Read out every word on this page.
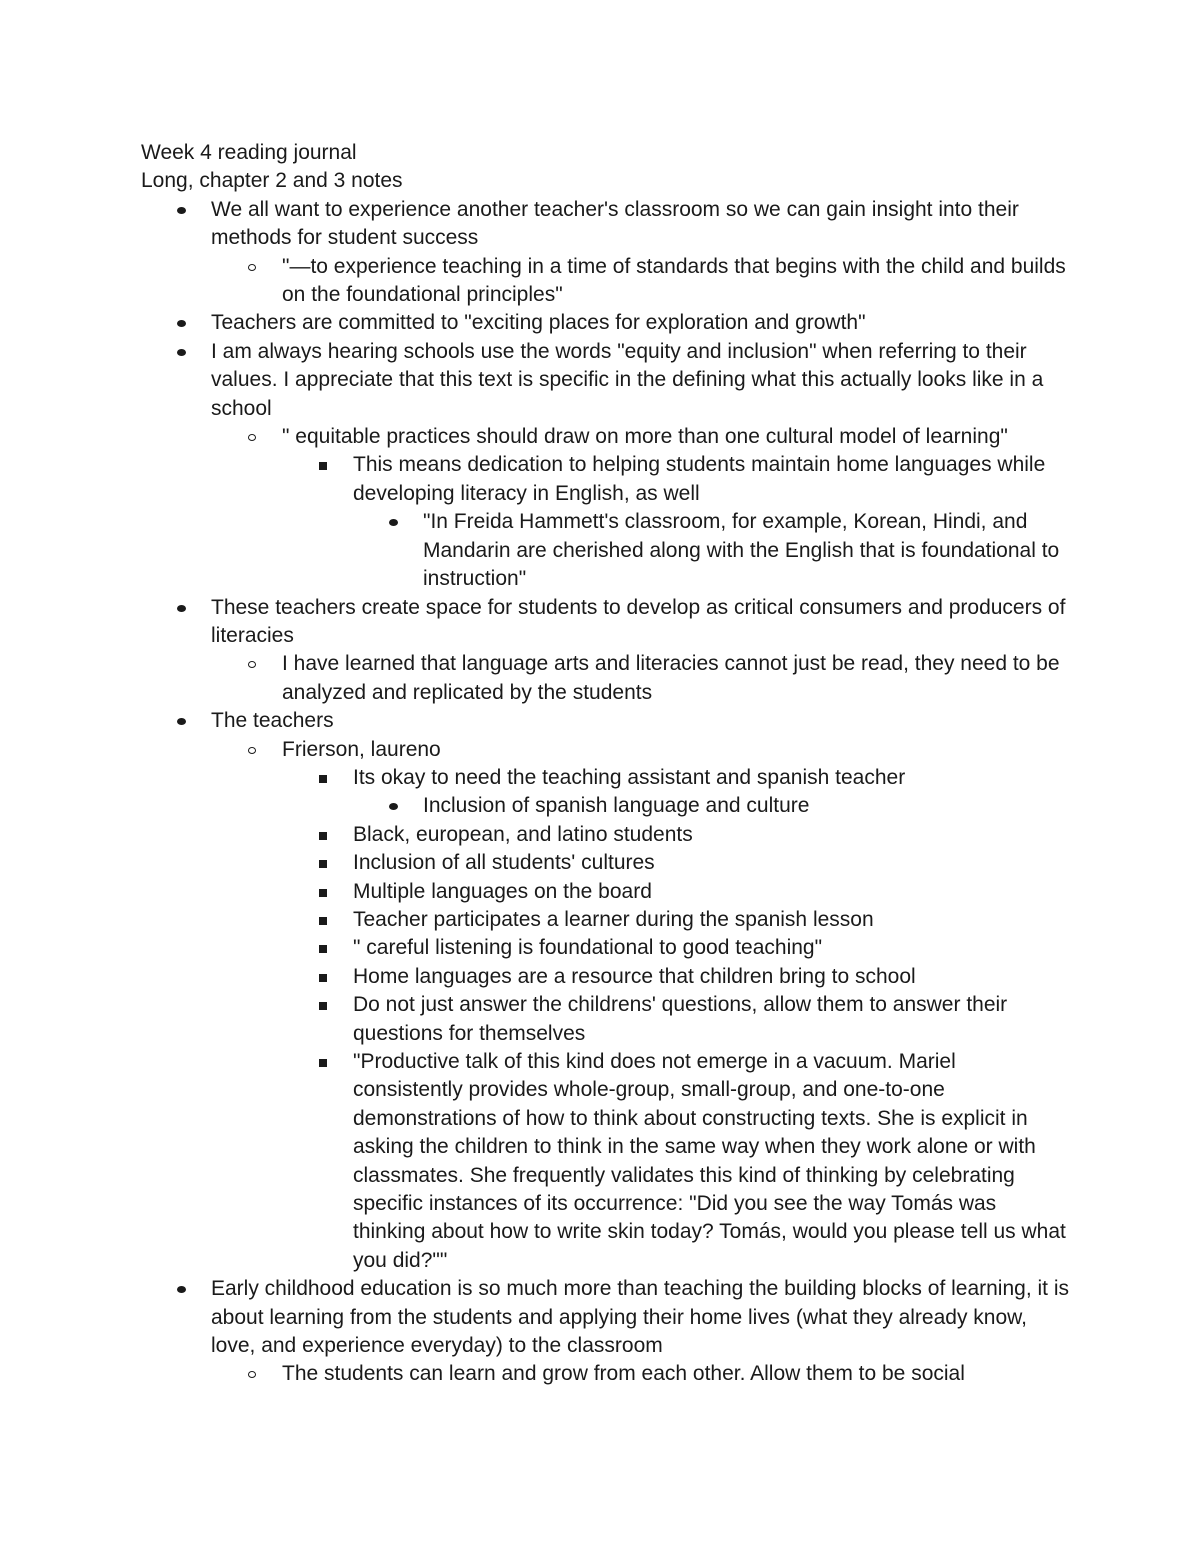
Week 4 reading journal

Long, chapter 2 and 3 notes

We all want to experience another teacher's classroom so we can gain insight into their methods for student success
"—to experience teaching in a time of standards that begins with the child and builds on the foundational principles"
Teachers are committed to "exciting places for exploration and growth"
I am always hearing schools use the words "equity and inclusion" when referring to their values. I appreciate that this text is specific in the defining what this actually looks like in a school
" equitable practices should draw on more than one cultural model of learning"
This means dedication to helping students maintain home languages while developing literacy in English, as well
"In Freida Hammett's classroom, for example, Korean, Hindi, and Mandarin are cherished along with the English that is foundational to instruction"
These teachers create space for students to develop as critical consumers and producers of literacies
I have learned that language arts and literacies cannot just be read, they need to be analyzed and replicated by the students
The teachers
Frierson, laureno
Its okay to need the teaching assistant and spanish teacher
Inclusion of spanish language and culture
Black, european, and latino students
Inclusion of all students' cultures
Multiple languages on the board
Teacher participates a learner during the spanish lesson
" careful listening is foundational to good teaching"
Home languages are a resource that children bring to school
Do not just answer the childrens' questions, allow them to answer their questions for themselves
"Productive talk of this kind does not emerge in a vacuum. Mariel consistently provides whole-group, small-group, and one-to-one demonstrations of how to think about constructing texts. She is explicit in asking the children to think in the same way when they work alone or with classmates. She frequently validates this kind of thinking by celebrating specific instances of its occurrence: "Did you see the way Tomás was thinking about how to write skin today? Tomás, would you please tell us what you did?""
Early childhood education is so much more than teaching the building blocks of learning, it is about learning from the students and applying their home lives (what they already know, love, and experience everyday) to the classroom
The students can learn and grow from each other. Allow them to be social
